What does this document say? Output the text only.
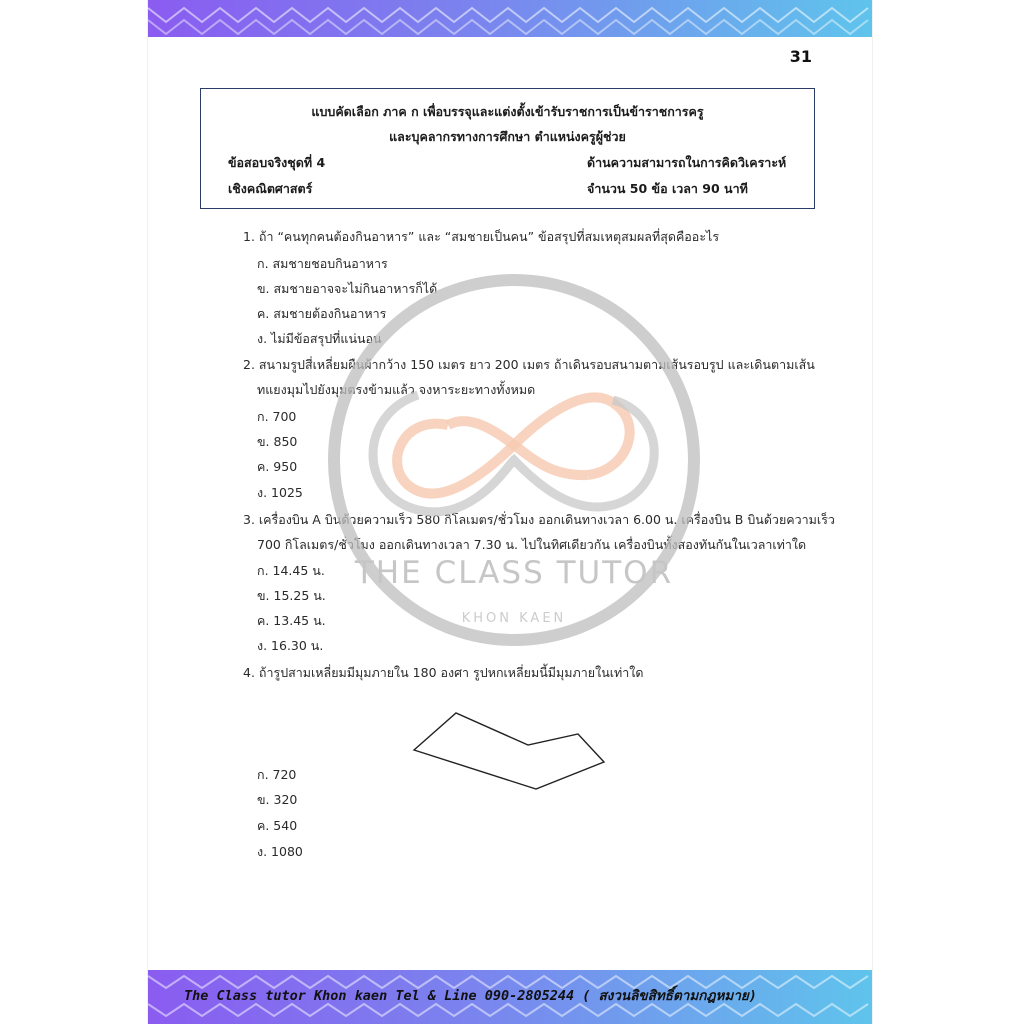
31
แบบคัดเลือก ภาค ก เพื่อบรรจุและแต่งตั้งเข้ารับราชการเป็นข้าราชการครู
และบุคลากรทางการศึกษา ตำแหน่งครูผู้ช่วย
ข้อสอบจริงชุดที่ 4
เชิงคณิตศาสตร์
ด้านความสามารถในการคิดวิเคราะห์
จำนวน 50 ข้อ เวลา 90 นาที
1. ถ้า “คนทุกคนต้องกินอาหาร” และ “สมชายเป็นคน” ข้อสรุปที่สมเหตุสมผลที่สุดคืออะไร
ก. สมชายชอบกินอาหาร
ข. สมชายอาจจะไม่กินอาหารก็ได้
ค. สมชายต้องกินอาหาร
ง. ไม่มีข้อสรุปที่แน่นอน
2. สนามรูปสี่เหลี่ยมผืนผ้ากว้าง 150 เมตร ยาว 200 เมตร ถ้าเดินรอบสนามตามเส้นรอบรูป และเดินตามเส้น
ทแยงมุมไปยังมุมตรงข้ามแล้ว จงหาระยะทางทั้งหมด
ก. 700
ข. 850
ค. 950
ง. 1025
3. เครื่องบิน A บินด้วยความเร็ว 580 กิโลเมตร/ชั่วโมง ออกเดินทางเวลา 6.00 น. เครื่องบิน B บินด้วยความเร็ว
700 กิโลเมตร/ชั่วโมง ออกเดินทางเวลา 7.30 น. ไปในทิศเดียวกัน เครื่องบินทั้งสองทันกันในเวลาเท่าใด
ก. 14.45 น.
ข. 15.25 น.
ค. 13.45 น.
ง. 16.30 น.
4. ถ้ารูปสามเหลี่ยมมีมุมภายใน 180 องศา รูปหกเหลี่ยมนี้มีมุมภายในเท่าใด
ก. 720
ข. 320
ค. 540
ง. 1080
THE CLASS TUTOR
KHON KAEN
The Class tutor Khon kaen Tel & Line 090-2805244 ( สงวนลิขสิทธิ์ตามกฎหมาย)
